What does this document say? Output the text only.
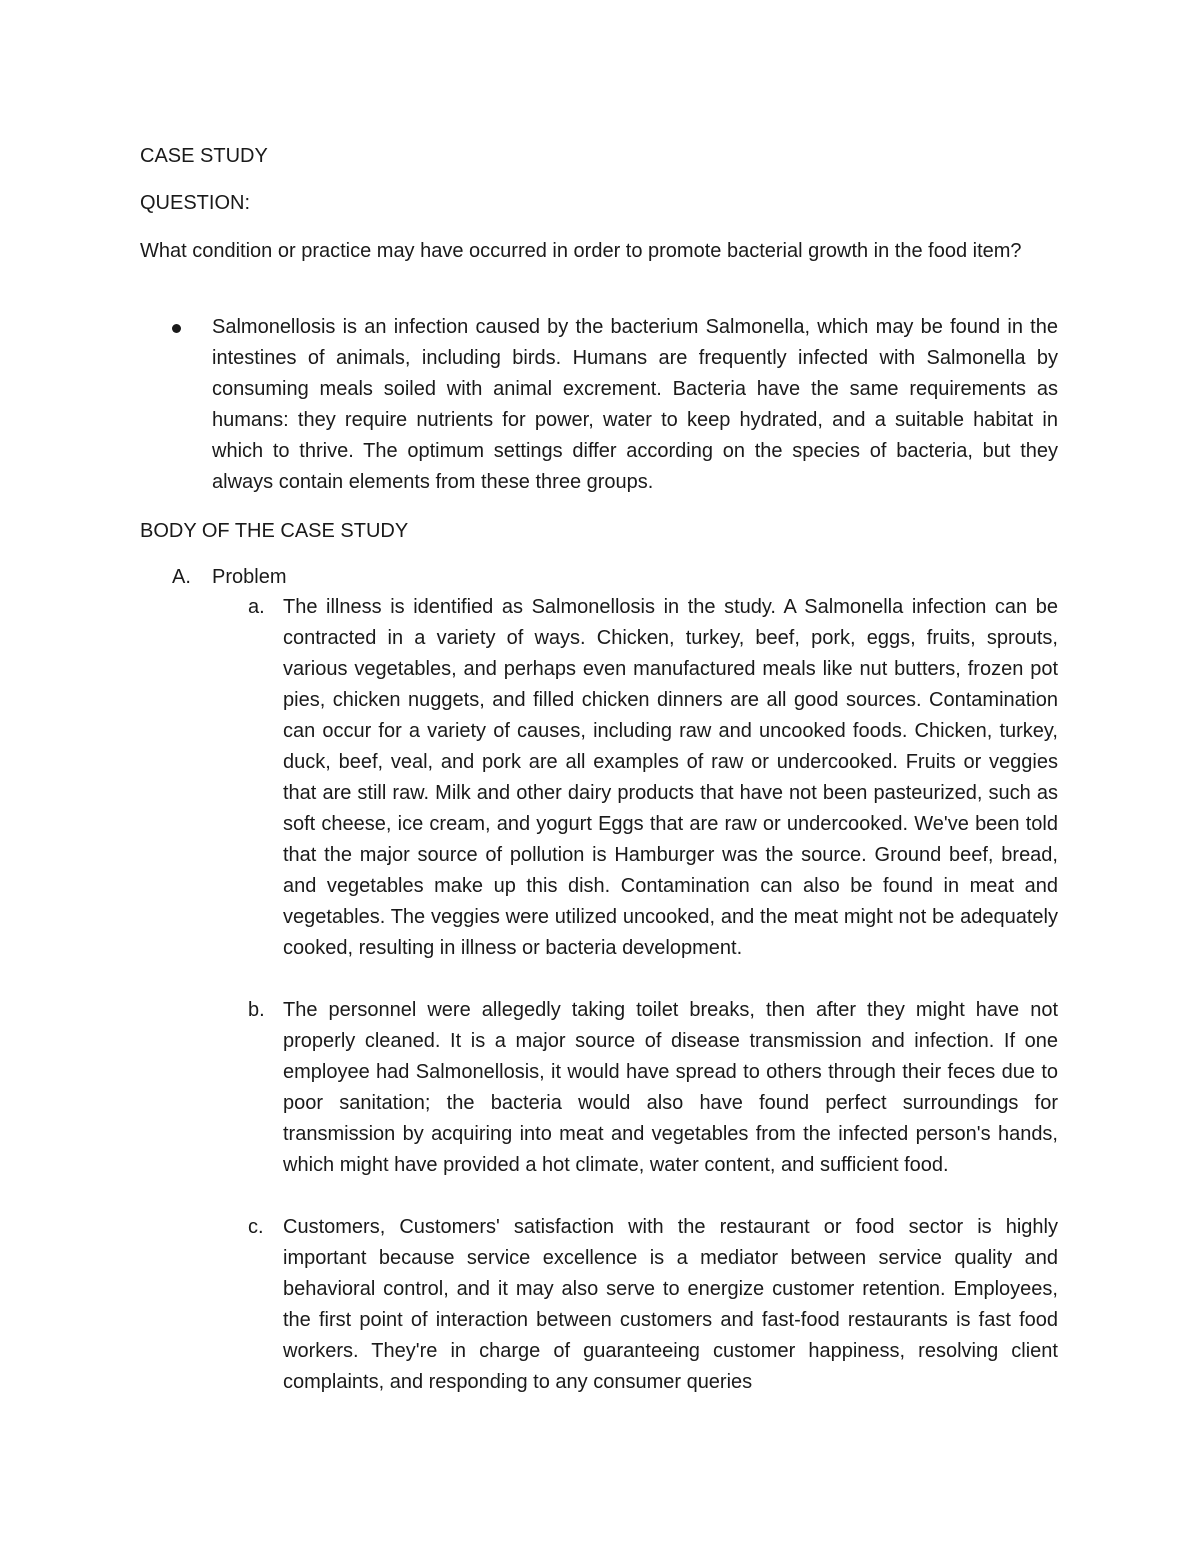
CASE STUDY
QUESTION:
What condition or practice may have occurred in order to promote bacterial growth in the food item?
Salmonellosis is an infection caused by the bacterium Salmonella, which may be found in the intestines of animals, including birds. Humans are frequently infected with Salmonella by consuming meals soiled with animal excrement. Bacteria have the same requirements as humans: they require nutrients for power, water to keep hydrated, and a suitable habitat in which to thrive. The optimum settings differ according on the species of bacteria, but they always contain elements from these three groups.
BODY OF THE CASE STUDY
A. Problem
a. The illness is identified as Salmonellosis in the study. A Salmonella infection can be contracted in a variety of ways. Chicken, turkey, beef, pork, eggs, fruits, sprouts, various vegetables, and perhaps even manufactured meals like nut butters, frozen pot pies, chicken nuggets, and filled chicken dinners are all good sources. Contamination can occur for a variety of causes, including raw and uncooked foods. Chicken, turkey, duck, beef, veal, and pork are all examples of raw or undercooked. Fruits or veggies that are still raw. Milk and other dairy products that have not been pasteurized, such as soft cheese, ice cream, and yogurt Eggs that are raw or undercooked. We've been told that the major source of pollution is Hamburger was the source. Ground beef, bread, and vegetables make up this dish. Contamination can also be found in meat and vegetables. The veggies were utilized uncooked, and the meat might not be adequately cooked, resulting in illness or bacteria development.
b. The personnel were allegedly taking toilet breaks, then after they might have not properly cleaned. It is a major source of disease transmission and infection. If one employee had Salmonellosis, it would have spread to others through their feces due to poor sanitation; the bacteria would also have found perfect surroundings for transmission by acquiring into meat and vegetables from the infected person's hands, which might have provided a hot climate, water content, and sufficient food.
c. Customers, Customers' satisfaction with the restaurant or food sector is highly important because service excellence is a mediator between service quality and behavioral control, and it may also serve to energize customer retention. Employees, the first point of interaction between customers and fast-food restaurants is fast food workers. They're in charge of guaranteeing customer happiness, resolving client complaints, and responding to any consumer queries
